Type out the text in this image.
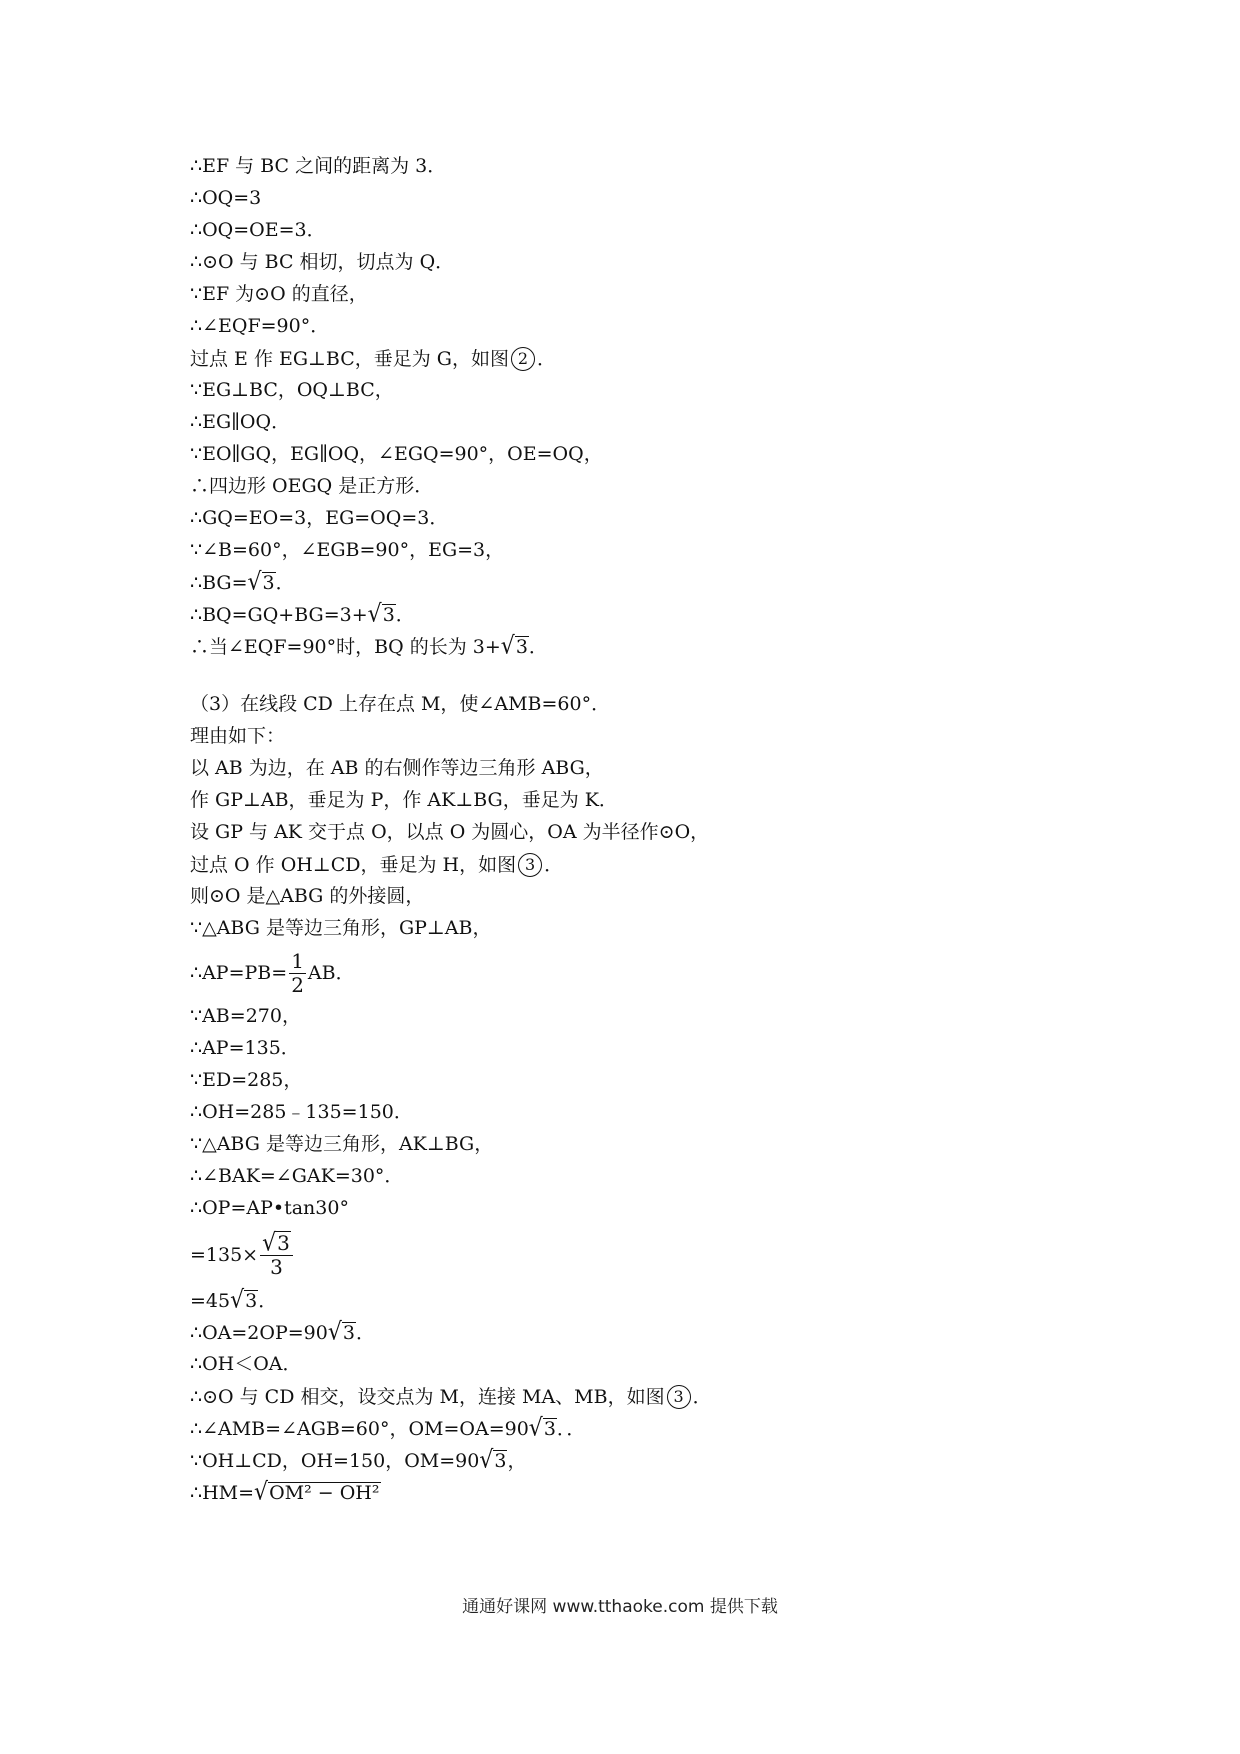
∴EF 与 BC 之间的距离为 3．
∴OQ=3
∴OQ=OE=3．
∴⊙O 与 BC 相切，切点为 Q．
∵EF 为⊙O 的直径，
∴∠EQF=90°．
过点 E 作 EG⊥BC，垂足为 G，如图 2 ．
∵EG⊥BC，OQ⊥BC，
∴EG∥OQ．
∵EO∥GQ，EG∥OQ，∠EGQ=90°，OE=OQ，
∴四边形 OEGQ 是正方形．
∴GQ=EO=3，EG=OQ=3．
∵∠B=60°，∠EGB=90°，EG=3，
∴BG= √ 3 ．
∴BQ=GQ+BG=3+ √ 3 ．
∴当∠EQF=90°时，BQ 的长为 3+ √ 3 ．
（3）在线段 CD 上存在点 M，使∠AMB=60°．
理由如下：
以 AB 为边，在 AB 的右侧作等边三角形 ABG，
作 GP⊥AB，垂足为 P，作 AK⊥BG，垂足为 K．
设 GP 与 AK 交于点 O，以点 O 为圆心，OA 为半径作⊙O，
过点 O 作 OH⊥CD，垂足为 H，如图 3 ．
则⊙O 是△ABG 的外接圆，
∵△ABG 是等边三角形，GP⊥AB，
∴AP=PB= $\frac{1}{2}$ AB．
∵AB=270，
∴AP=135．
∵ED=285，
∴OH=285﹣135=150．
∵△ABG 是等边三角形，AK⊥BG，
∴∠BAK=∠GAK=30°．
∴OP=AP•tan30°
$=135\times \frac{√ 3}{3}$
=45 √ 3 ．
∴OA=2OP=90 √ 3 ．
∴OH＜OA．
∴⊙O 与 CD 相交，设交点为 M，连接 MA、MB，如图 3 ．
∴∠AMB=∠AGB=60°，OM=OA=90 √ 3 ．．
∵OH⊥CD，OH=150，OM=90 √ 3 ，
∴HM= √ OM² − OH²
通通好课网 www.tthaoke.com 提供下载
